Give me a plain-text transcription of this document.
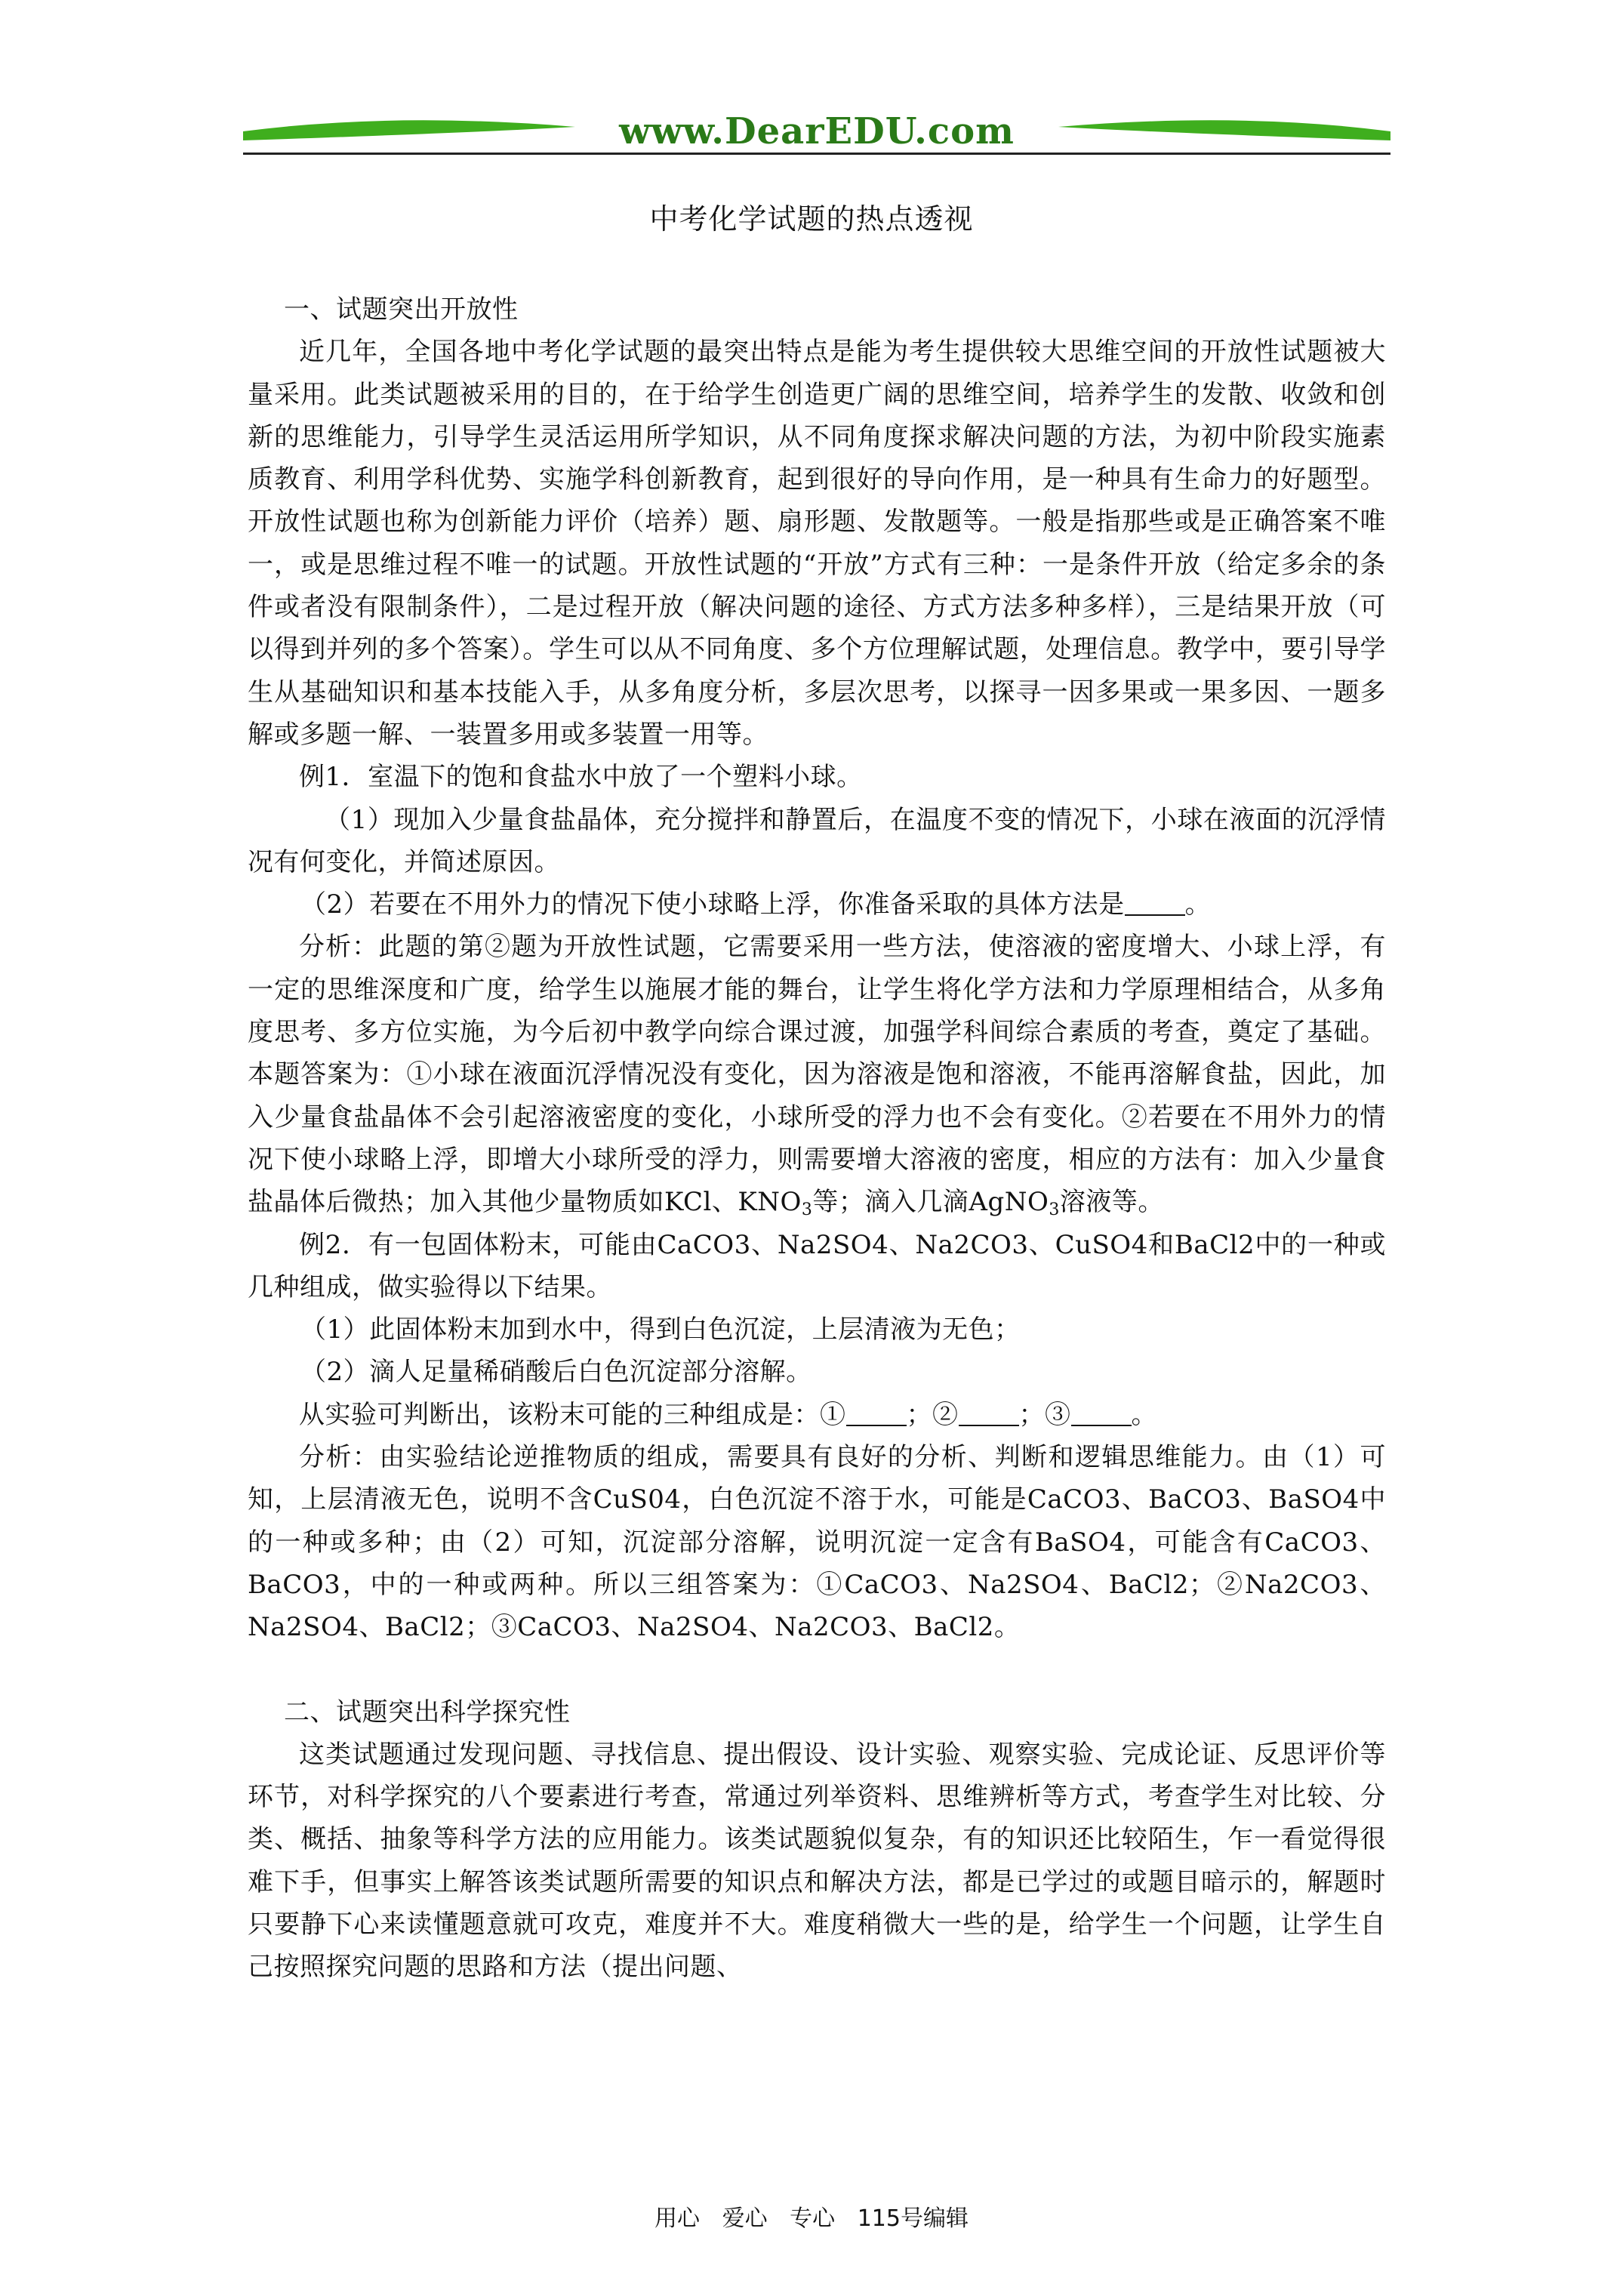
www.DearEDU.com
中考化学试题的热点透视

一、试题突出开放性

近几年，全国各地中考化学试题的最突出特点是能为考生提供较大思维空间的开放性试题被大量采用。此类试题被采用的目的，在于给学生创造更广阔的思维空间，培养学生的发散、收敛和创新的思维能力，引导学生灵活运用所学知识，从不同角度探求解决问题的方法，为初中阶段实施素质教育、利用学科优势、实施学科创新教育，起到很好的导向作用，是一种具有生命力的好题型。开放性试题也称为创新能力评价（培养）题、扇形题、发散题等。一般是指那些或是正确答案不唯一，或是思维过程不唯一的试题。开放性试题的“开放”方式有三种：一是条件开放（给定多余的条件或者没有限制条件），二是过程开放（解决问题的途径、方式方法多种多样），三是结果开放（可以得到并列的多个答案）。学生可以从不同角度、多个方位理解试题，处理信息。教学中，要引导学生从基础知识和基本技能入手，从多角度分析，多层次思考，以探寻一因多果或一果多因、一题多解或多题一解、一装置多用或多装置一用等。

例1．室温下的饱和食盐水中放了一个塑料小球。

（1）现加入少量食盐晶体，充分搅拌和静置后，在温度不变的情况下，小球在液面的沉浮情况有何变化，并简述原因。

（2）若要在不用外力的情况下使小球略上浮，你准备采取的具体方法是 。

分析：此题的第②题为开放性试题，它需要采用一些方法，使溶液的密度增大、小球上浮，有一定的思维深度和广度，给学生以施展才能的舞台，让学生将化学方法和力学原理相结合，从多角度思考、多方位实施，为今后初中教学向综合课过渡，加强学科间综合素质的考查，奠定了基础。本题答案为：①小球在液面沉浮情况没有变化，因为溶液是饱和溶液，不能再溶解食盐，因此，加入少量食盐晶体不会引起溶液密度的变化，小球所受的浮力也不会有变化。②若要在不用外力的情况下使小球略上浮，即增大小球所受的浮力，则需要增大溶液的密度，相应的方法有：加入少量食盐晶体后微热；加入其他少量物质如KCl、$KNO_3$等；滴入几滴AgNO$_3$溶液等。

例2．有一包固体粉末，可能由CaCO3、Na2SO4、Na2CO3、CuSO4和BaCl2中的一种或几种组成，做实验得以下结果。

（1）此固体粉末加到水中，得到白色沉淀，上层清液为无色；

（2）滴人足量稀硝酸后白色沉淀部分溶解。

从实验可判断出，该粉末可能的三种组成是：① ；② ；③ 。

分析：由实验结论逆推物质的组成，需要具有良好的分析、判断和逻辑思维能力。由（1）可知，上层清液无色，说明不含CuS04，白色沉淀不溶于水，可能是CaCO3、BaCO3、BaSO4中的一种或多种；由（2）可知，沉淀部分溶解，说明沉淀一定含有BaSO4，可能含有CaCO3、BaCO3，中的一种或两种。所以三组答案为：①CaCO3、Na2SO4、BaCl2；②Na2CO3、Na2SO4、BaCl2；③CaCO3、Na2SO4、Na2CO3、BaCl2。

二、试题突出科学探究性

这类试题通过发现问题、寻找信息、提出假设、设计实验、观察实验、完成论证、反思评价等环节，对科学探究的八个要素进行考查，常通过列举资料、思维辨析等方式，考查学生对比较、分类、概括、抽象等科学方法的应用能力。该类试题貌似复杂，有的知识还比较陌生，乍一看觉得很难下手，但事实上解答该类试题所需要的知识点和解决方法，都是已学过的或题目暗示的，解题时只要静下心来读懂题意就可攻克，难度并不大。难度稍微大一些的是，给学生一个问题，让学生自己按照探究问题的思路和方法（提出问题、

用心 爱心 专心 115号编辑
